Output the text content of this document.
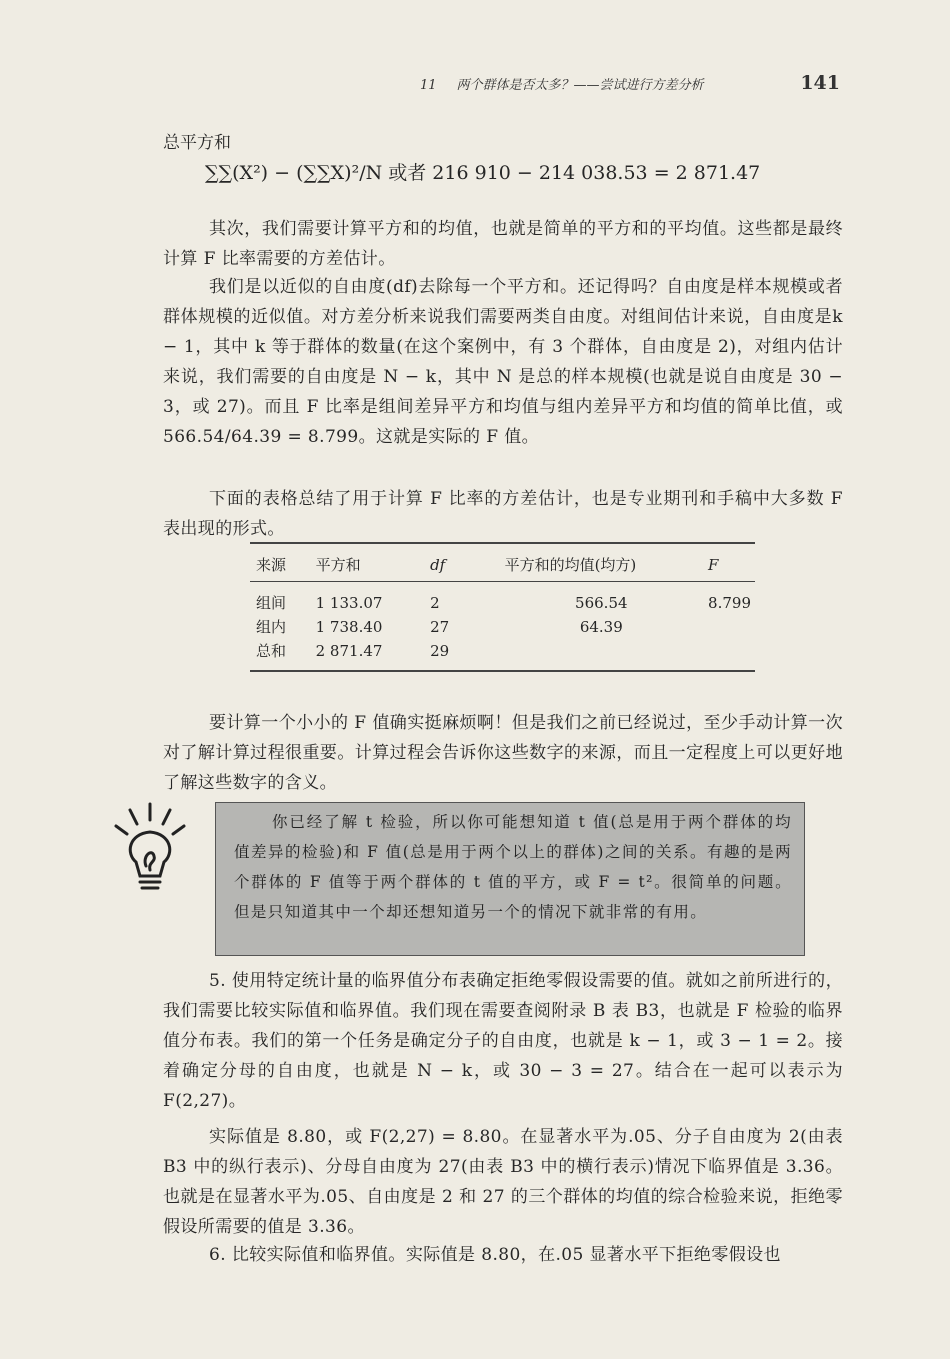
11 两个群体是否太多？——尝试进行方差分析	141

总平方和

∑∑(X²) − (∑∑X)²/N 或者 216 910 − 214 038.53 = 2 871.47

其次，我们需要计算平方和的均值，也就是简单的平方和的平均值。这些都是最终计算 F 比率需要的方差估计。

我们是以近似的自由度(df)去除每一个平方和。还记得吗？自由度是样本规模或者群体规模的近似值。对方差分析来说我们需要两类自由度。对组间估计来说，自由度是k − 1，其中 k 等于群体的数量(在这个案例中，有 3 个群体，自由度是 2)，对组内估计来说，我们需要的自由度是 N − k，其中 N 是总的样本规模(也就是说自由度是 30 − 3，或 27)。而且 F 比率是组间差异平方和均值与组内差异平方和均值的简单比值，或566.54/64.39 = 8.799。这就是实际的 F 值。

下面的表格总结了用于计算 F 比率的方差估计，也是专业期刊和手稿中大多数 F 表出现的形式。

来源	平方和	df	平方和的均值(均方)	F
组间	1 133.07	2	566.54	8.799
组内	1 738.40	27	64.39	
总和	2 871.47	29		

要计算一个小小的 F 值确实挺麻烦啊！但是我们之前已经说过，至少手动计算一次对了解计算过程很重要。计算过程会告诉你这些数字的来源，而且一定程度上可以更好地了解这些数字的含义。

你已经了解 t 检验，所以你可能想知道 t 值(总是用于两个群体的均值差异的检验)和 F 值(总是用于两个以上的群体)之间的关系。有趣的是两个群体的 F 值等于两个群体的 t 值的平方，或 F = t²。很简单的问题。但是只知道其中一个却还想知道另一个的情况下就非常的有用。

5. 使用特定统计量的临界值分布表确定拒绝零假设需要的值。就如之前所进行的，我们需要比较实际值和临界值。我们现在需要查阅附录 B 表 B3，也就是 F 检验的临界值分布表。我们的第一个任务是确定分子的自由度，也就是 k − 1，或 3 − 1 = 2。接着确定分母的自由度，也就是 N − k，或 30 − 3 = 27。结合在一起可以表示为 F(2,27)。

实际值是 8.80，或 F(2,27) = 8.80。在显著水平为.05、分子自由度为 2(由表 B3 中的纵行表示)、分母自由度为 27(由表 B3 中的横行表示)情况下临界值是 3.36。也就是在显著水平为.05、自由度是 2 和 27 的三个群体的均值的综合检验来说，拒绝零假设所需要的值是 3.36。

6. 比较实际值和临界值。实际值是 8.80，在.05 显著水平下拒绝零假设也
